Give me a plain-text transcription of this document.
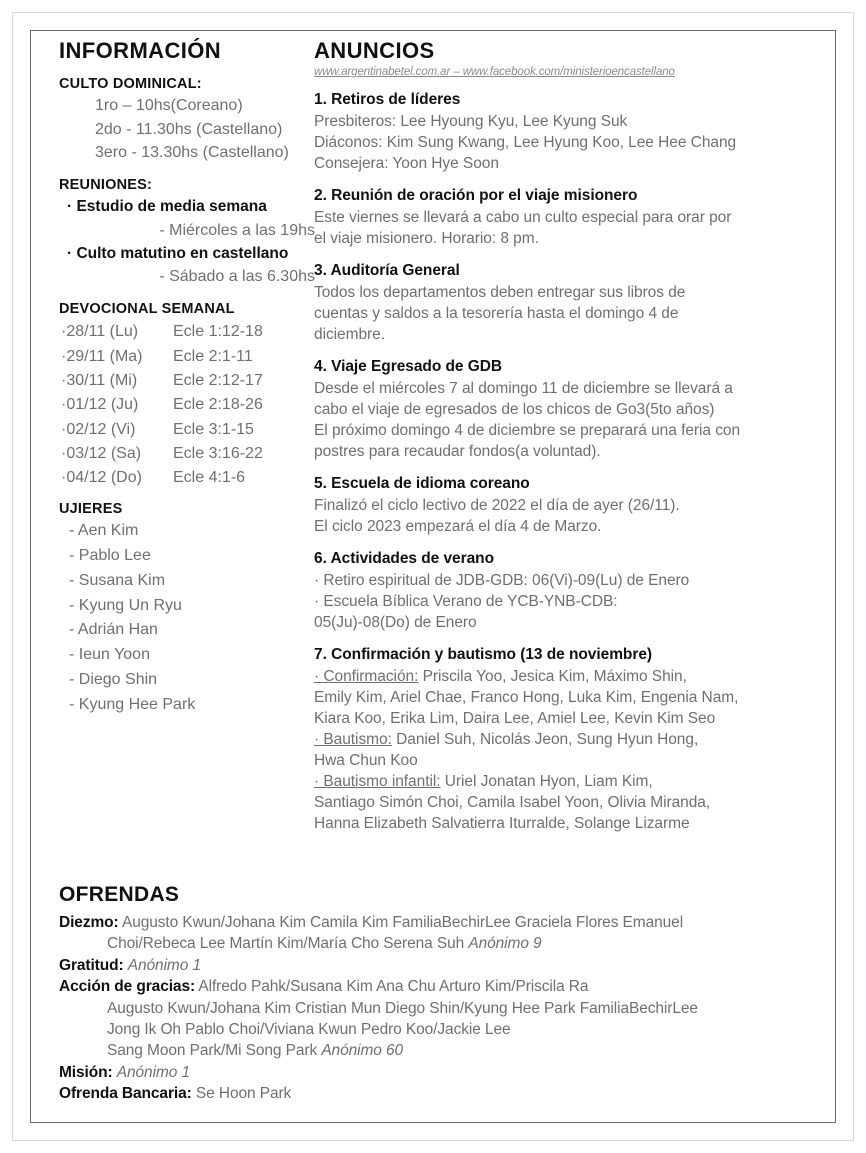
INFORMACIÓN
CULTO DOMINICAL:
1ro – 10hs(Coreano)
2do - 11.30hs (Castellano)
3ero - 13.30hs (Castellano)
REUNIONES:
· Estudio de media semana
- Miércoles a las 19hs
· Culto matutino en castellano
- Sábado a las 6.30hs
DEVOCIONAL SEMANAL
·28/11 (Lu)	Ecle 1:12-18
·29/11 (Ma)	Ecle 2:1-11
·30/11 (Mi)	Ecle 2:12-17
·01/12 (Ju)	Ecle 2:18-26
·02/12 (Vi)	Ecle 3:1-15
·03/12 (Sa)	Ecle 3:16-22
·04/12 (Do)	Ecle 4:1-6
UJIERES
- Aen Kim
- Pablo Lee
- Susana Kim
- Kyung Un Ryu
- Adrián Han
- Ieun Yoon
- Diego Shin
- Kyung Hee Park
ANUNCIOS
www.argentinabetel.com.ar – www.facebook.com/ministerioencastellano
1. Retiros de líderes
Presbiteros: Lee Hyoung Kyu, Lee Kyung Suk
Diáconos: Kim Sung Kwang, Lee Hyung Koo, Lee Hee Chang
Consejera: Yoon Hye Soon
2. Reunión de oración por el viaje misionero
Este viernes se llevará a cabo un culto especial para orar por
el viaje misionero. Horario: 8 pm.
3. Auditoría General
Todos los departamentos deben entregar sus libros de
cuentas y saldos a la tesorería hasta el domingo 4 de
diciembre.
4. Viaje Egresado de GDB
Desde el miércoles 7 al domingo 11 de diciembre se llevará a
cabo el viaje de egresados de los chicos de Go3(5to años)
El próximo domingo 4 de diciembre se preparará una feria con
postres para recaudar fondos(a voluntad).
5. Escuela de idioma coreano
Finalizó el ciclo lectivo de 2022 el día de ayer (26/11).
El ciclo 2023 empezará el día 4 de Marzo.
6. Actividades de verano
· Retiro espiritual de JDB-GDB: 06(Vi)-09(Lu) de Enero
· Escuela Bíblica Verano de YCB-YNB-CDB:
05(Ju)-08(Do) de Enero
7. Confirmación y bautismo (13 de noviembre)
· Confirmación: Priscila Yoo, Jesica Kim, Máximo Shin,
Emily Kim, Ariel Chae, Franco Hong, Luka Kim, Engenia Nam,
Kiara Koo, Erika Lim, Daira Lee, Amiel Lee, Kevin Kim Seo
· Bautismo: Daniel Suh, Nicolás Jeon, Sung Hyun Hong,
Hwa Chun Koo
· Bautismo infantil: Uriel Jonatan Hyon, Liam Kim,
Santiago Simón Choi, Camila Isabel Yoon, Olivia Miranda,
Hanna Elizabeth Salvatierra Iturralde, Solange Lizarme
OFRENDAS
Diezmo: Augusto Kwun/Johana Kim Camila Kim FamiliaBechirLee Graciela Flores Emanuel
Choi/Rebeca Lee Martín Kim/María Cho Serena Suh Anónimo 9
Gratitud: Anónimo 1
Acción de gracias: Alfredo Pahk/Susana Kim Ana Chu Arturo Kim/Priscila Ra
Augusto Kwun/Johana Kim Cristian Mun Diego Shin/Kyung Hee Park FamiliaBechirLee
Jong Ik Oh Pablo Choi/Viviana Kwun Pedro Koo/Jackie Lee
Sang Moon Park/Mi Song Park Anónimo 60
Misión: Anónimo 1
Ofrenda Bancaria: Se Hoon Park
